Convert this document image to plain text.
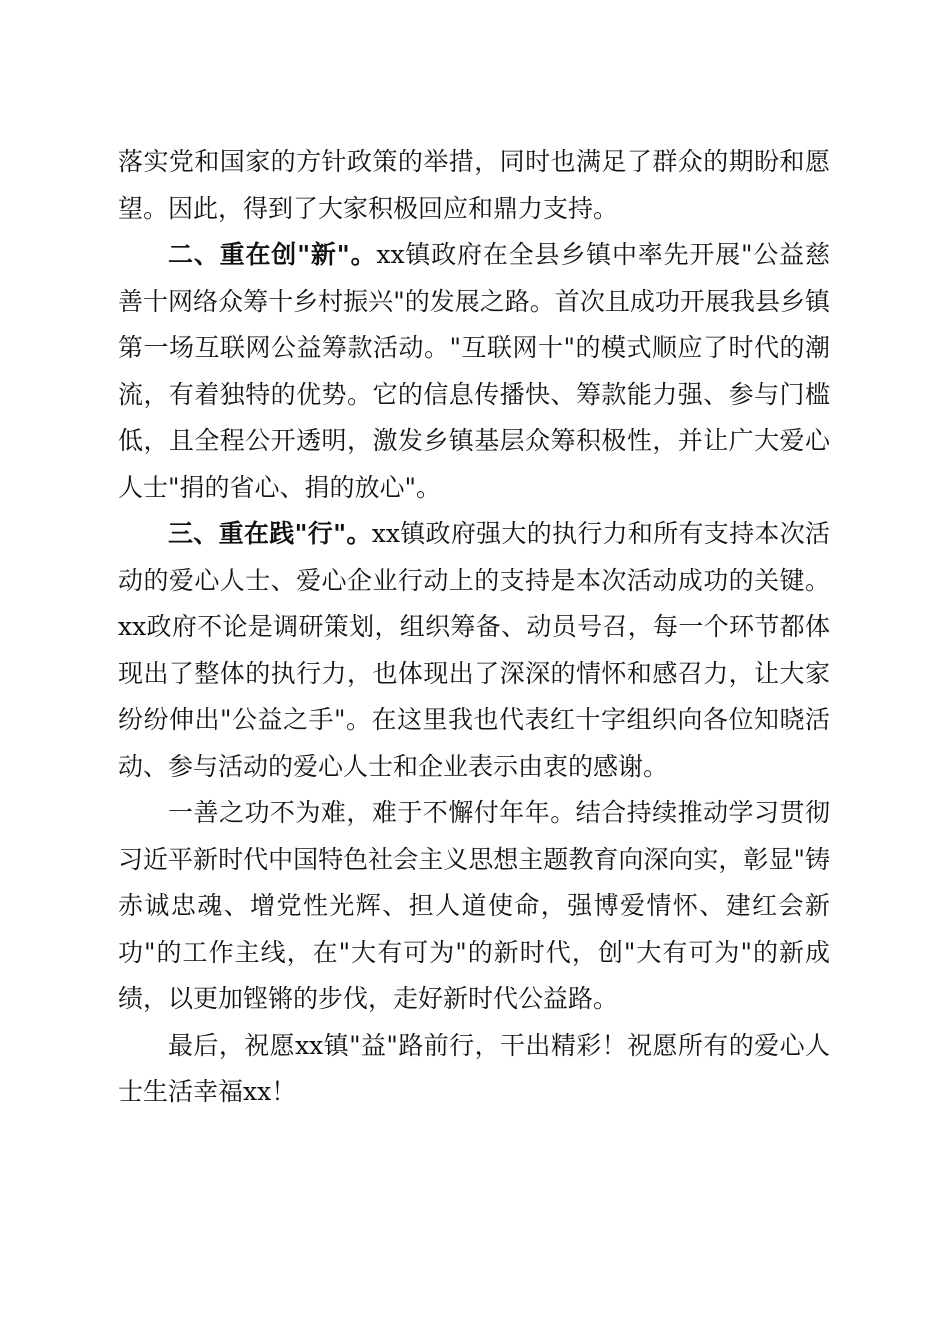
落实党和国家的方针政策的举措，同时也满足了群众的期盼和愿望。因此，得到了大家积极回应和鼎力支持。

二、重在创"新"。xx镇政府在全县乡镇中率先开展"公益慈善十网络众筹十乡村振兴"的发展之路。首次且成功开展我县乡镇第一场互联网公益筹款活动。"互联网十"的模式顺应了时代的潮流，有着独特的优势。它的信息传播快、筹款能力强、参与门槛低，且全程公开透明，激发乡镇基层众筹积极性，并让广大爱心人士"捐的省心、捐的放心"。

三、重在践"行"。xx镇政府强大的执行力和所有支持本次活动的爱心人士、爱心企业行动上的支持是本次活动成功的关键。xx政府不论是调研策划，组织筹备、动员号召，每一个环节都体现出了整体的执行力，也体现出了深深的情怀和感召力，让大家纷纷伸出"公益之手"。在这里我也代表红十字组织向各位知晓活动、参与活动的爱心人士和企业表示由衷的感谢。

一善之功不为难，难于不懈付年年。结合持续推动学习贯彻习近平新时代中国特色社会主义思想主题教育向深向实，彰显"铸赤诚忠魂、增党性光辉、担人道使命，强博爱情怀、建红会新功"的工作主线，在"大有可为"的新时代，创"大有可为"的新成绩，以更加铿锵的步伐，走好新时代公益路。

最后，祝愿xx镇"益"路前行，干出精彩！祝愿所有的爱心人士生活幸福xx！
